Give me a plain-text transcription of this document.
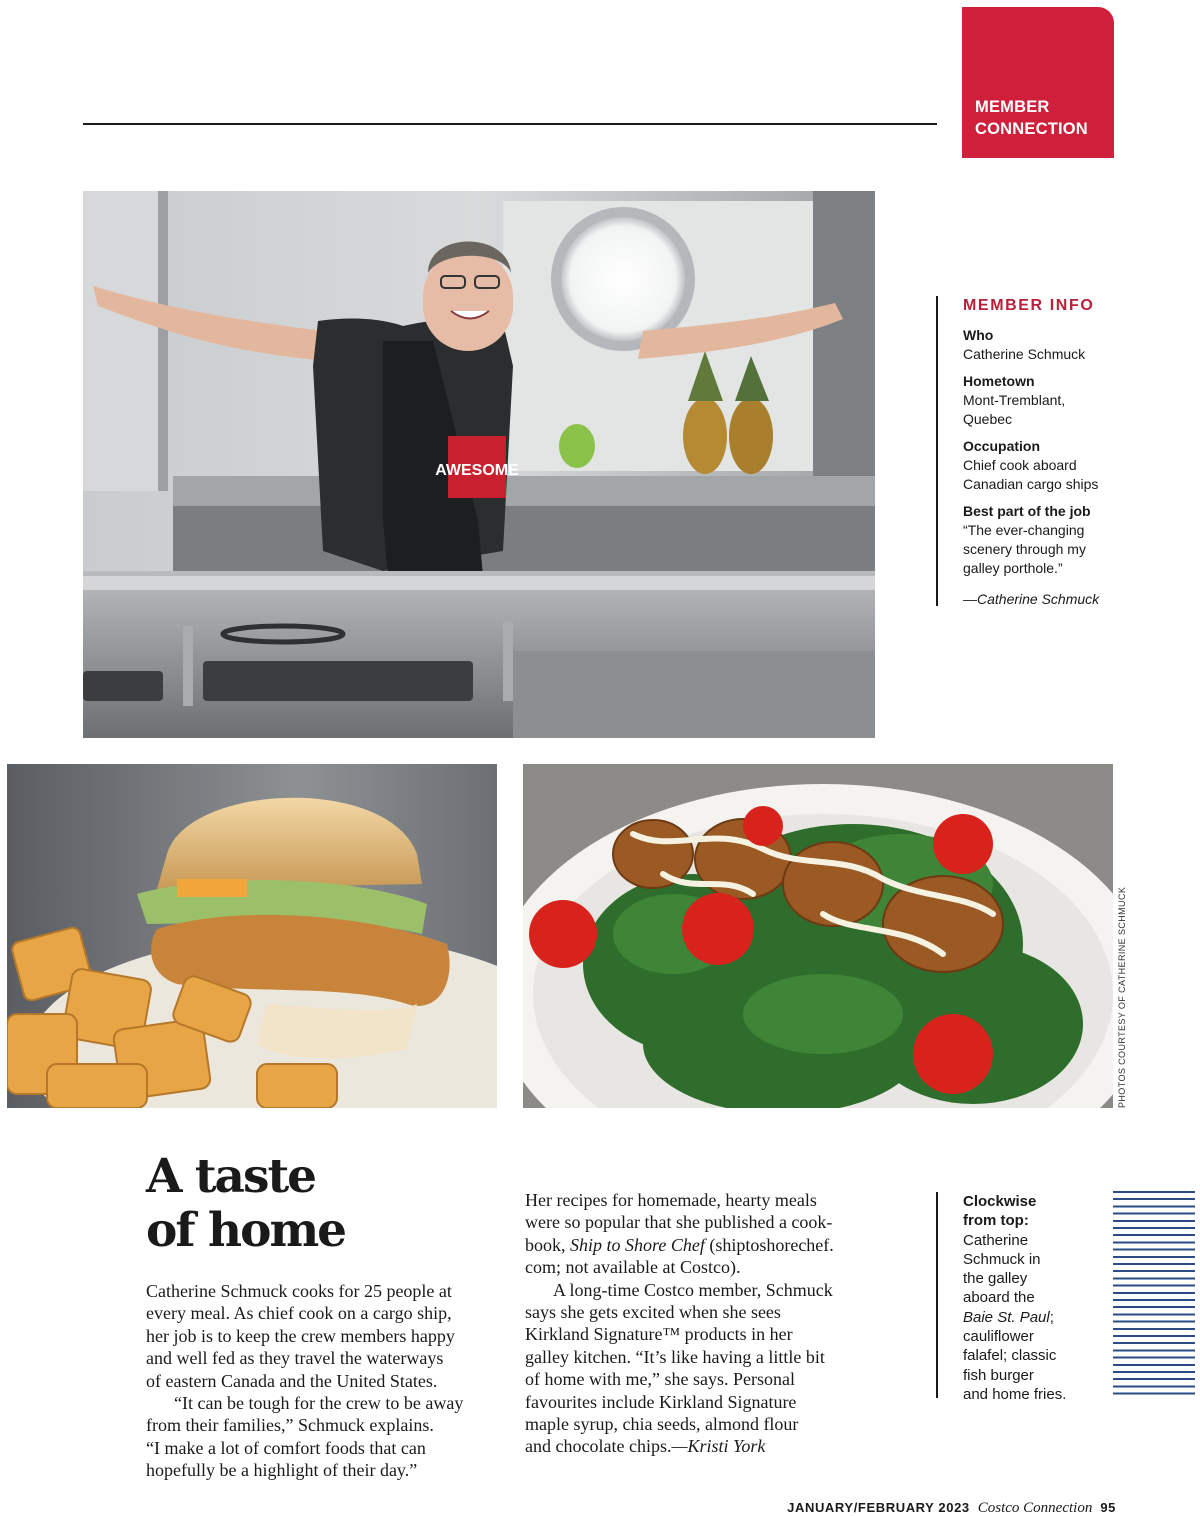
MEMBER
CONNECTION
AWESOME
PHOTOS COURTESY OF CATHERINE SCHMUCK
MEMBER INFO
Who
Catherine Schmuck
Hometown
Mont-Tremblant,
Quebec
Occupation
Chief cook aboard
Canadian cargo ships
Best part of the job
“The ever-changing
scenery through my
galley porthole.”
—Catherine Schmuck
A taste
of home

Catherine Schmuck cooks for 25 people at

every meal. As chief cook on a cargo ship,

her job is to keep the crew members happy

and well fed as they travel the waterways

of eastern Canada and the United States.

“It can be tough for the crew to be away

from their families,” Schmuck explains.

“I make a lot of comfort foods that can

hopefully be a highlight of their day.”

Her recipes for homemade, hearty meals

were so popular that she published a cook-

book, Ship to Shore Chef (shiptoshorechef.

com; not available at Costco).

A long-time Costco member, Schmuck

says she gets excited when she sees

Kirkland Signature™ products in her

galley kitchen. “It’s like having a little bit

of home with me,” she says. Personal

favourites include Kirkland Signature

maple syrup, chia seeds, almond flour

and chocolate chips.—Kristi York

Clockwise
from top:
Catherine
Schmuck in
the galley
aboard the
Baie St. Paul;
cauliflower
falafel; classic
fish burger
and home fries.
JANUARY/FEBRUARY 2023 Costco Connection 95
